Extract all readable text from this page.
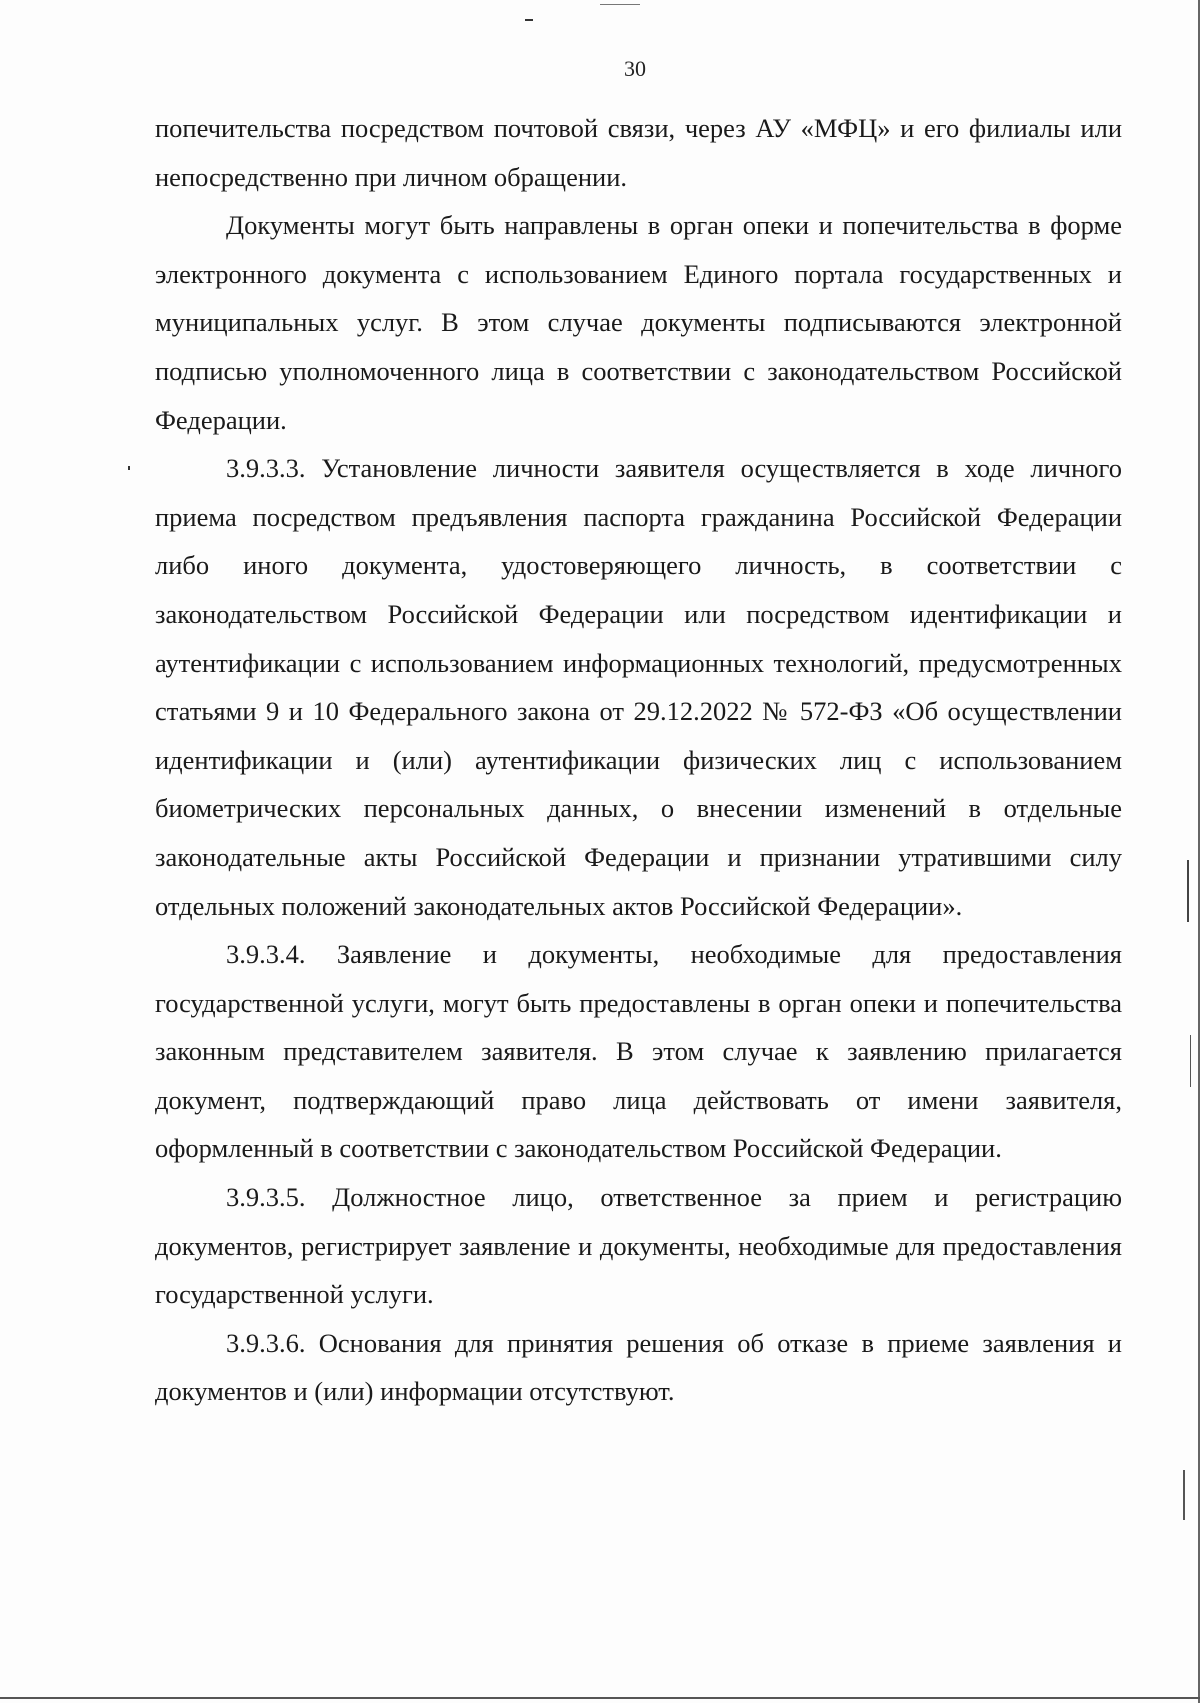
30

попечительства посредством почтовой связи, через АУ «МФЦ» и его филиалы или непосредственно при личном обращении.

Документы могут быть направлены в орган опеки и попечительства в форме электронного документа с использованием Единого портала государственных и муниципальных услуг. В этом случае документы подписываются электронной подписью уполномоченного лица в соответствии с законодательством Российской Федерации.

3.9.3.3. Установление личности заявителя осуществляется в ходе личного приема посредством предъявления паспорта гражданина Российской Федерации либо иного документа, удостоверяющего личность, в соответствии с законодательством Российской Федерации или посредством идентификации и аутентификации с использованием информационных технологий, предусмотренных статьями 9 и 10 Федерального закона от 29.12.2022 № 572-ФЗ «Об осуществлении идентификации и (или) аутентификации физических лиц с использованием биометрических персональных данных, о внесении изменений в отдельные законодательные акты Российской Федерации и признании утратившими силу отдельных положений законодательных актов Российской Федерации».

3.9.3.4. Заявление и документы, необходимые для предоставления государственной услуги, могут быть предоставлены в орган опеки и попечительства законным представителем заявителя. В этом случае к заявлению прилагается документ, подтверждающий право лица действовать от имени заявителя, оформленный в соответствии с законодательством Российской Федерации.

3.9.3.5. Должностное лицо, ответственное за прием и регистрацию документов, регистрирует заявление и документы, необходимые для предоставления государственной услуги.

3.9.3.6. Основания для принятия решения об отказе в приеме заявления и документов и (или) информации отсутствуют.
